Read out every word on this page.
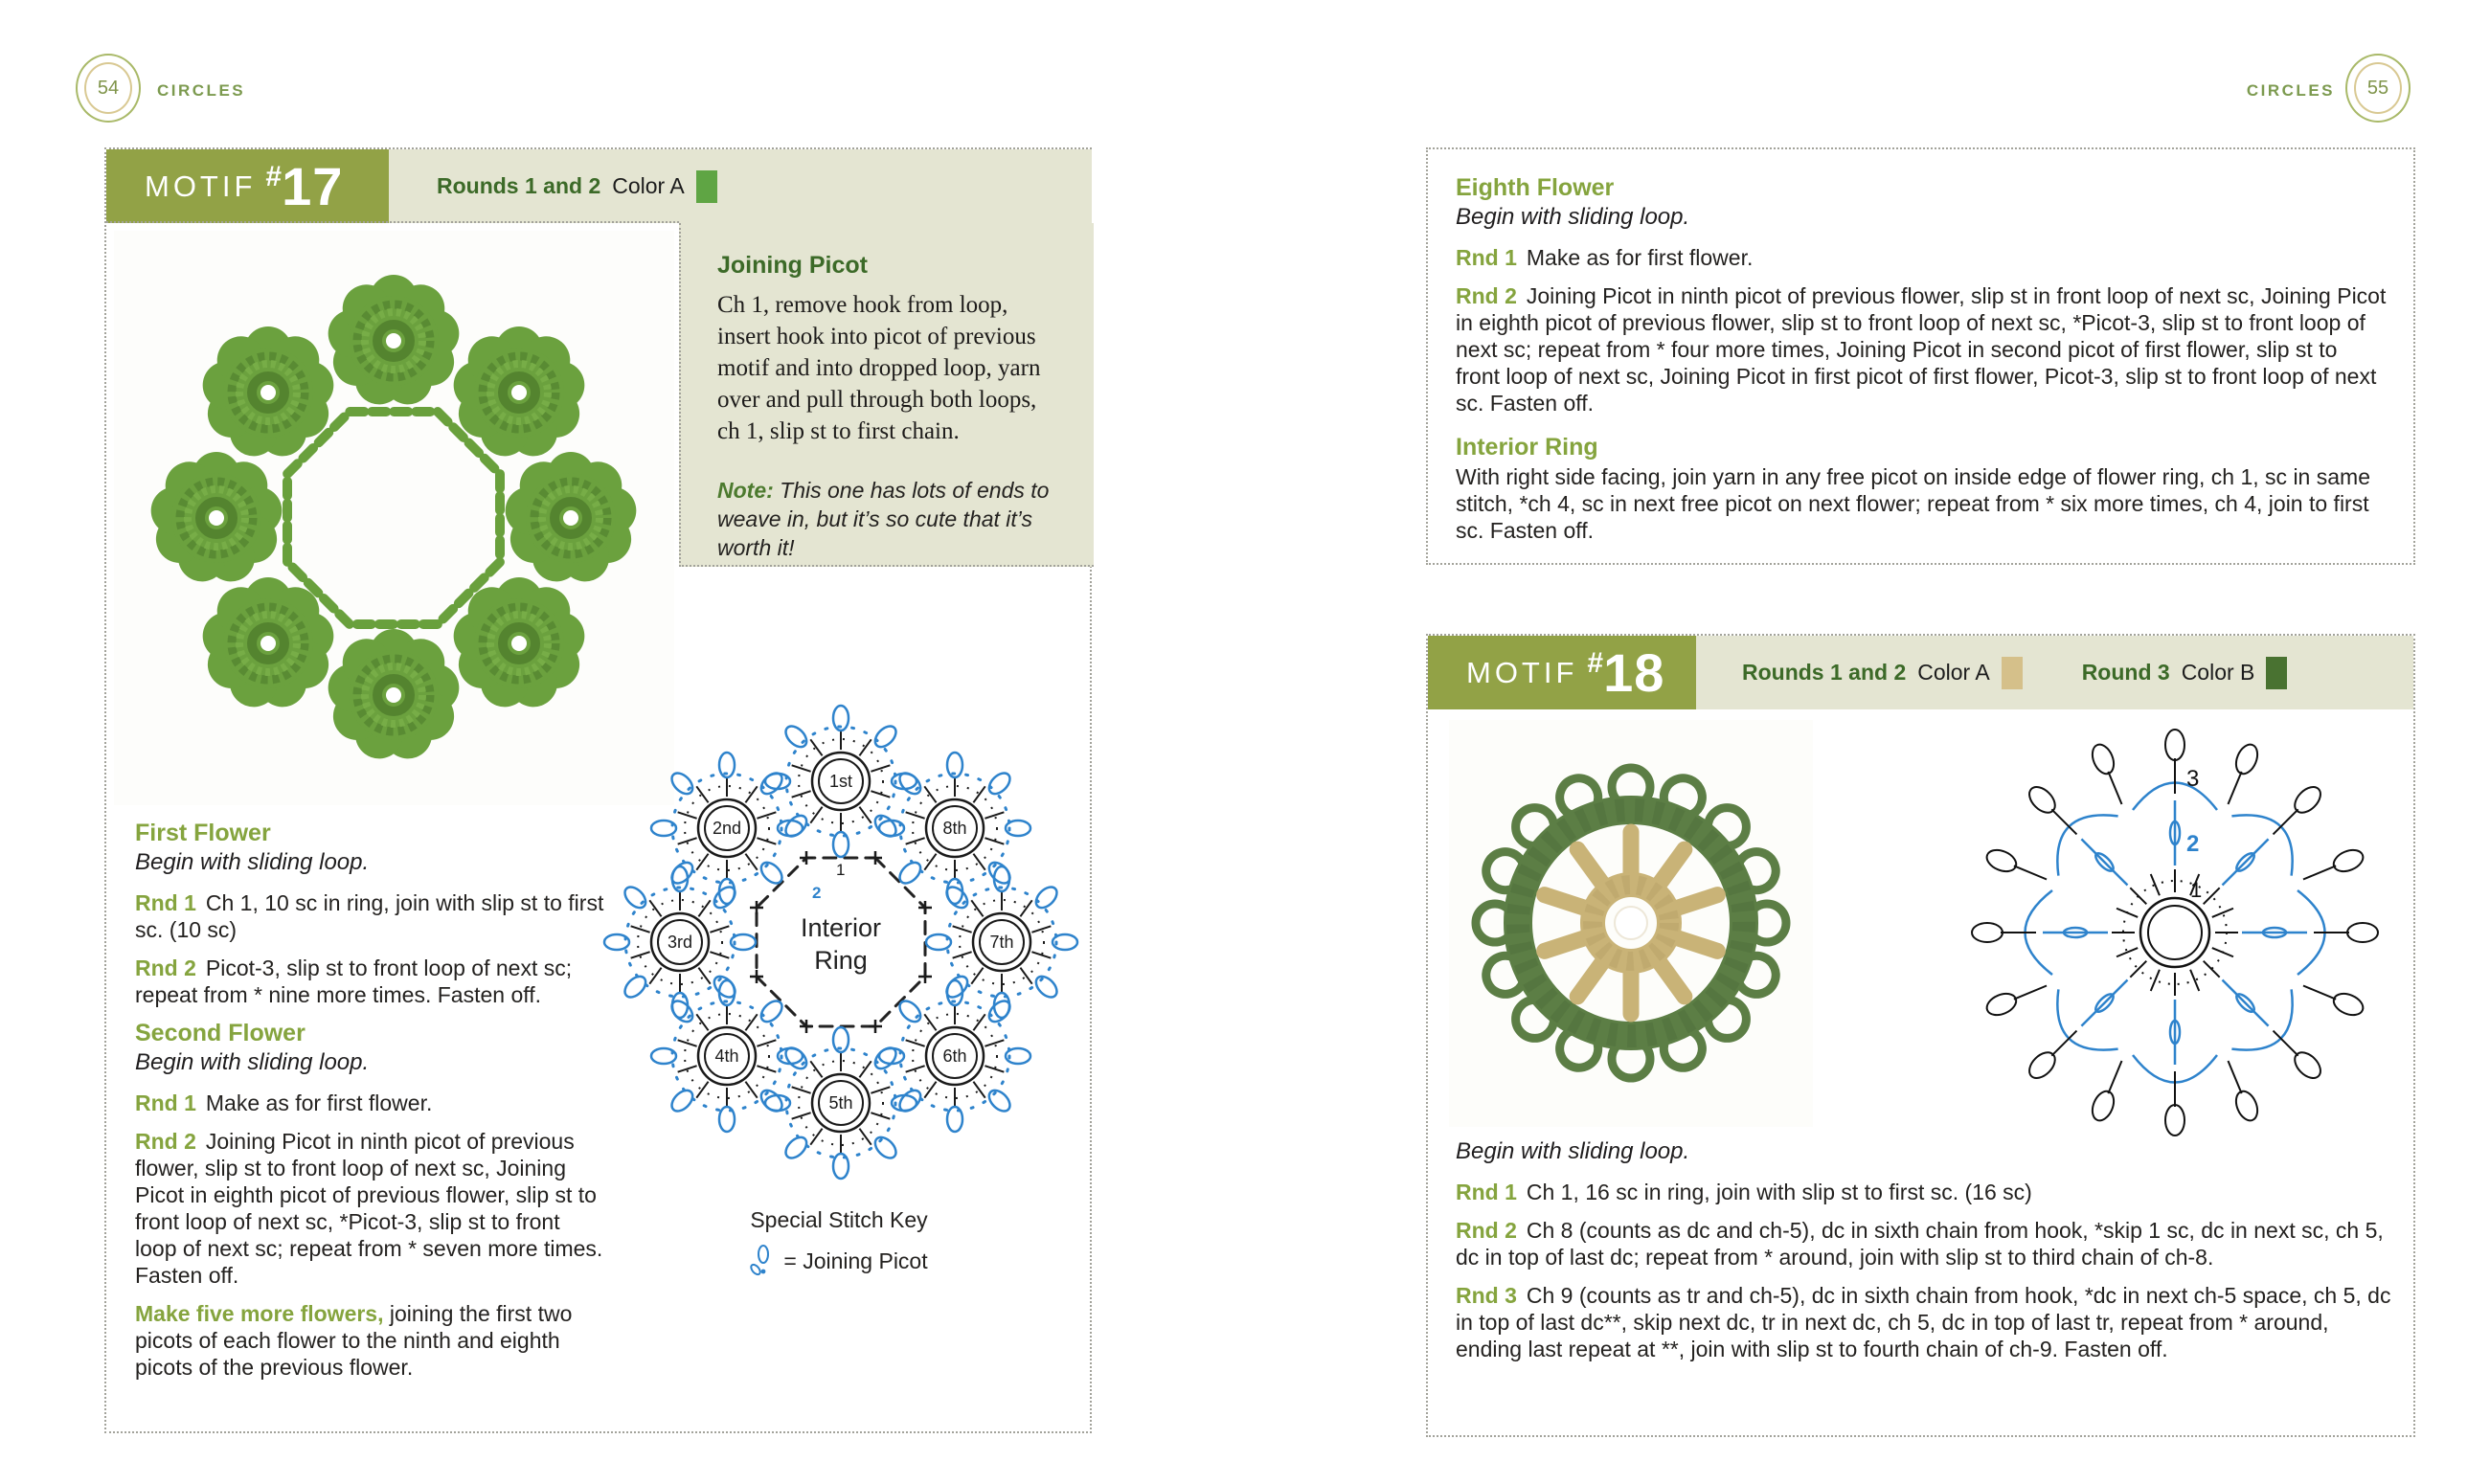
54	CIRCLES	CIRCLES	55
MOTIF # 17	Rounds 1 and 2 Color A
Joining Picot
Ch 1, remove hook from loop, insert hook into picot of previous motif and into dropped loop, yarn over and pull through both loops, ch 1, slip st to first chain.
Note: This one has lots of ends to weave in, but it’s so cute that it’s worth it!
First Flower
Begin with sliding loop.

Rnd 1 Ch 1, 10 sc in ring, join with slip st to first sc. (10 sc)

Rnd 2 Picot-3, slip st to front loop of next sc; repeat from * nine more times. Fasten off.

Second Flower
Begin with sliding loop.

Rnd 1 Make as for first flower.

Rnd 2 Joining Picot in ninth picot of previous flower, slip st to front loop of next sc, Joining Picot in eighth picot of previous flower, slip st to front loop of next sc, *Picot-3, slip st to front loop of next sc; repeat from * seven more times. Fasten off.

Make five more flowers, joining the first two picots of each flower to the ninth and eighth picots of the previous flower.

1st
2nd
3rd
4th
5th
6th
7th
8th
1
2
Interior
Ring
Special Stitch Key
= Joining Picot
Eighth Flower
Begin with sliding loop.

Rnd 1 Make as for first flower.

Rnd 2 Joining Picot in ninth picot of previous flower, slip st in front loop of next sc, Joining Picot in eighth picot of previous flower, slip st to front loop of next sc, *Picot-3, slip st to front loop of next sc; repeat from * four more times, Joining Picot in second picot of first flower, slip st to front loop of next sc, Joining Picot in first picot of first flower, Picot-3, slip st to front loop of next sc. Fasten off.

Interior Ring

With right side facing, join yarn in any free picot on inside edge of flower ring, ch 1, sc in same stitch, *ch 4, sc in next free picot on next flower; repeat from * six more times, ch 4, join to first sc. Fasten off.

MOTIF # 18	Rounds 1 and 2 Color A	Round 3 Color B
3
2
1
Begin with sliding loop.

Rnd 1 Ch 1, 16 sc in ring, join with slip st to first sc. (16 sc)

Rnd 2 Ch 8 (counts as dc and ch-5), dc in sixth chain from hook, *skip 1 sc, dc in next sc, ch 5, dc in top of last dc; repeat from * around, join with slip st to third chain of ch-8.

Rnd 3 Ch 9 (counts as tr and ch-5), dc in sixth chain from hook, *dc in next ch-5 space, ch 5, dc in top of last dc**, skip next dc, tr in next dc, ch 5, dc in top of last tr, repeat from * around, ending last repeat at **, join with slip st to fourth chain of ch-9. Fasten off.
